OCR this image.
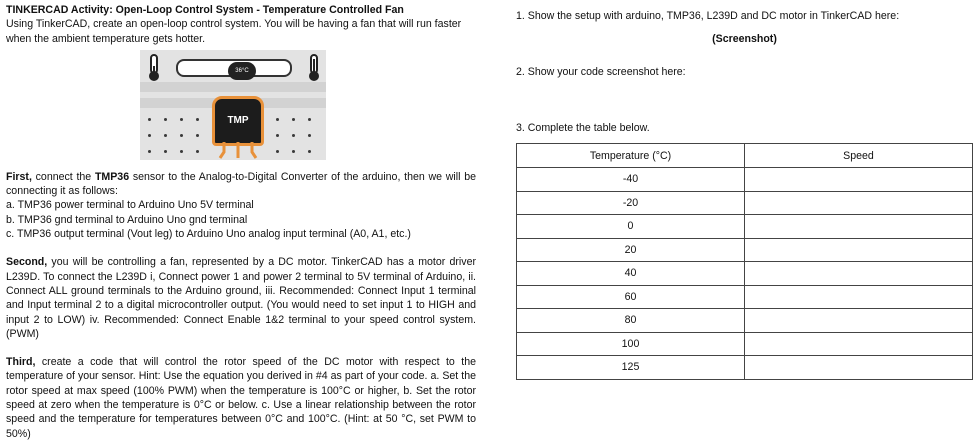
TINKERCAD Activity: Open-Loop Control System - Temperature Controlled Fan

Using TinkerCAD, create an open-loop control system. You will be having a fan that will run faster when the ambient temperature gets hotter.

36°C
TMP

First, connect the TMP36 sensor to the Analog-to-Digital Converter of the arduino, then we will be connecting it as follows:

a. TMP36 power terminal to Arduino Uno 5V terminal

b. TMP36 gnd terminal to Arduino Uno gnd terminal

c. TMP36 output terminal (Vout leg) to Arduino Uno analog input terminal (A0, A1, etc.)

Second, you will be controlling a fan, represented by a DC motor. TinkerCAD has a motor driver L239D. To connect the L239D i, Connect power 1 and power 2 terminal to 5V terminal of Arduino, ii. Connect ALL ground terminals to the Arduino ground, iii. Recommended: Connect Input 1 terminal and Input terminal 2 to a digital microcontroller output. (You would need to set input 1 to HIGH and input 2 to LOW) iv. Recommended: Connect Enable 1&2 terminal to your speed control system. (PWM)

Third, create a code that will control the rotor speed of the DC motor with respect to the temperature of your sensor. Hint: Use the equation you derived in #4 as part of your code. a. Set the rotor speed at max speed (100% PWM) when the temperature is 100°C or higher, b. Set the rotor speed at zero when the temperature is 0°C or below. c. Use a linear relationship between the rotor speed and the temperature for temperatures between 0°C and 100°C. (Hint: at 50 °C, set PWM to 50%)

1. Show the setup with arduino, TMP36, L239D and DC motor in TinkerCAD here:

(Screenshot)

2. Show your code screenshot here:

3. Complete the table below.

Temperature (°C)	Speed
-40	
-20	
0	
20	
40	
60	
80	
100	
125	
